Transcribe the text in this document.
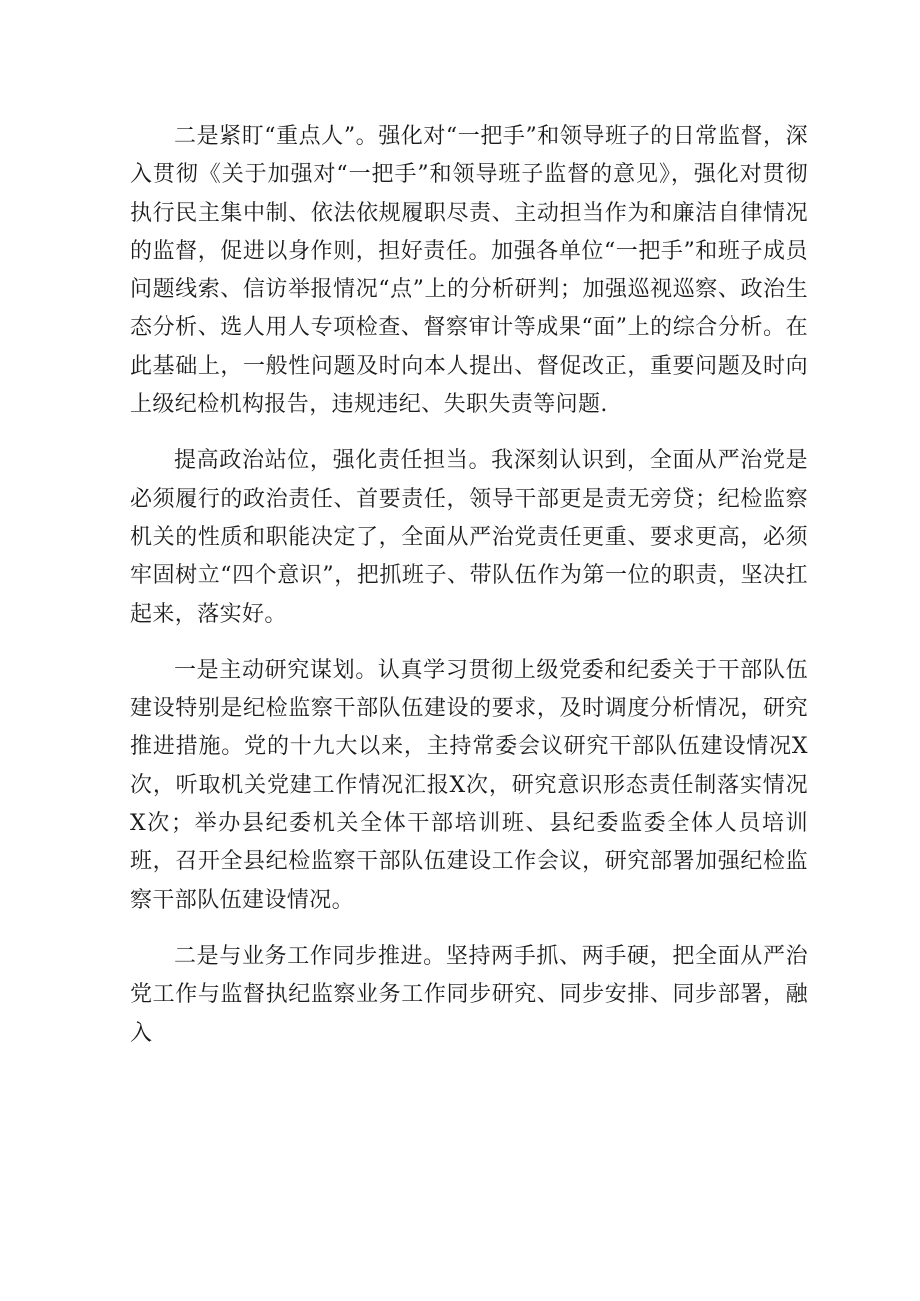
二是紧盯“重点人”。强化对“一把手”和领导班子的日常监督，深入贯彻《关于加强对“一把手”和领导班子监督的意见》，强化对贯彻执行民主集中制、依法依规履职尽责、主动担当作为和廉洁自律情况的监督，促进以身作则，担好责任。加强各单位“一把手”和班子成员问题线索、信访举报情况“点”上的分析研判；加强巡视巡察、政治生态分析、选人用人专项检查、督察审计等成果“面”上的综合分析。在此基础上，一般性问题及时向本人提出、督促改正，重要问题及时向上级纪检机构报告，违规违纪、失职失责等问题.

提高政治站位，强化责任担当。我深刻认识到，全面从严治党是必须履行的政治责任、首要责任，领导干部更是责无旁贷；纪检监察机关的性质和职能决定了，全面从严治党责任更重、要求更高，必须牢固树立“四个意识”，把抓班子、带队伍作为第一位的职责，坚决扛起来，落实好。

一是主动研究谋划。认真学习贯彻上级党委和纪委关于干部队伍建设特别是纪检监察干部队伍建设的要求，及时调度分析情况，研究推进措施。党的十九大以来，主持常委会议研究干部队伍建设情况X次，听取机关党建工作情况汇报X次，研究意识形态责任制落实情况X次；举办县纪委机关全体干部培训班、县纪委监委全体人员培训班，召开全县纪检监察干部队伍建设工作会议，研究部署加强纪检监察干部队伍建设情况。

二是与业务工作同步推进。坚持两手抓、两手硬，把全面从严治党工作与监督执纪监察业务工作同步研究、同步安排、同步部署，融入
